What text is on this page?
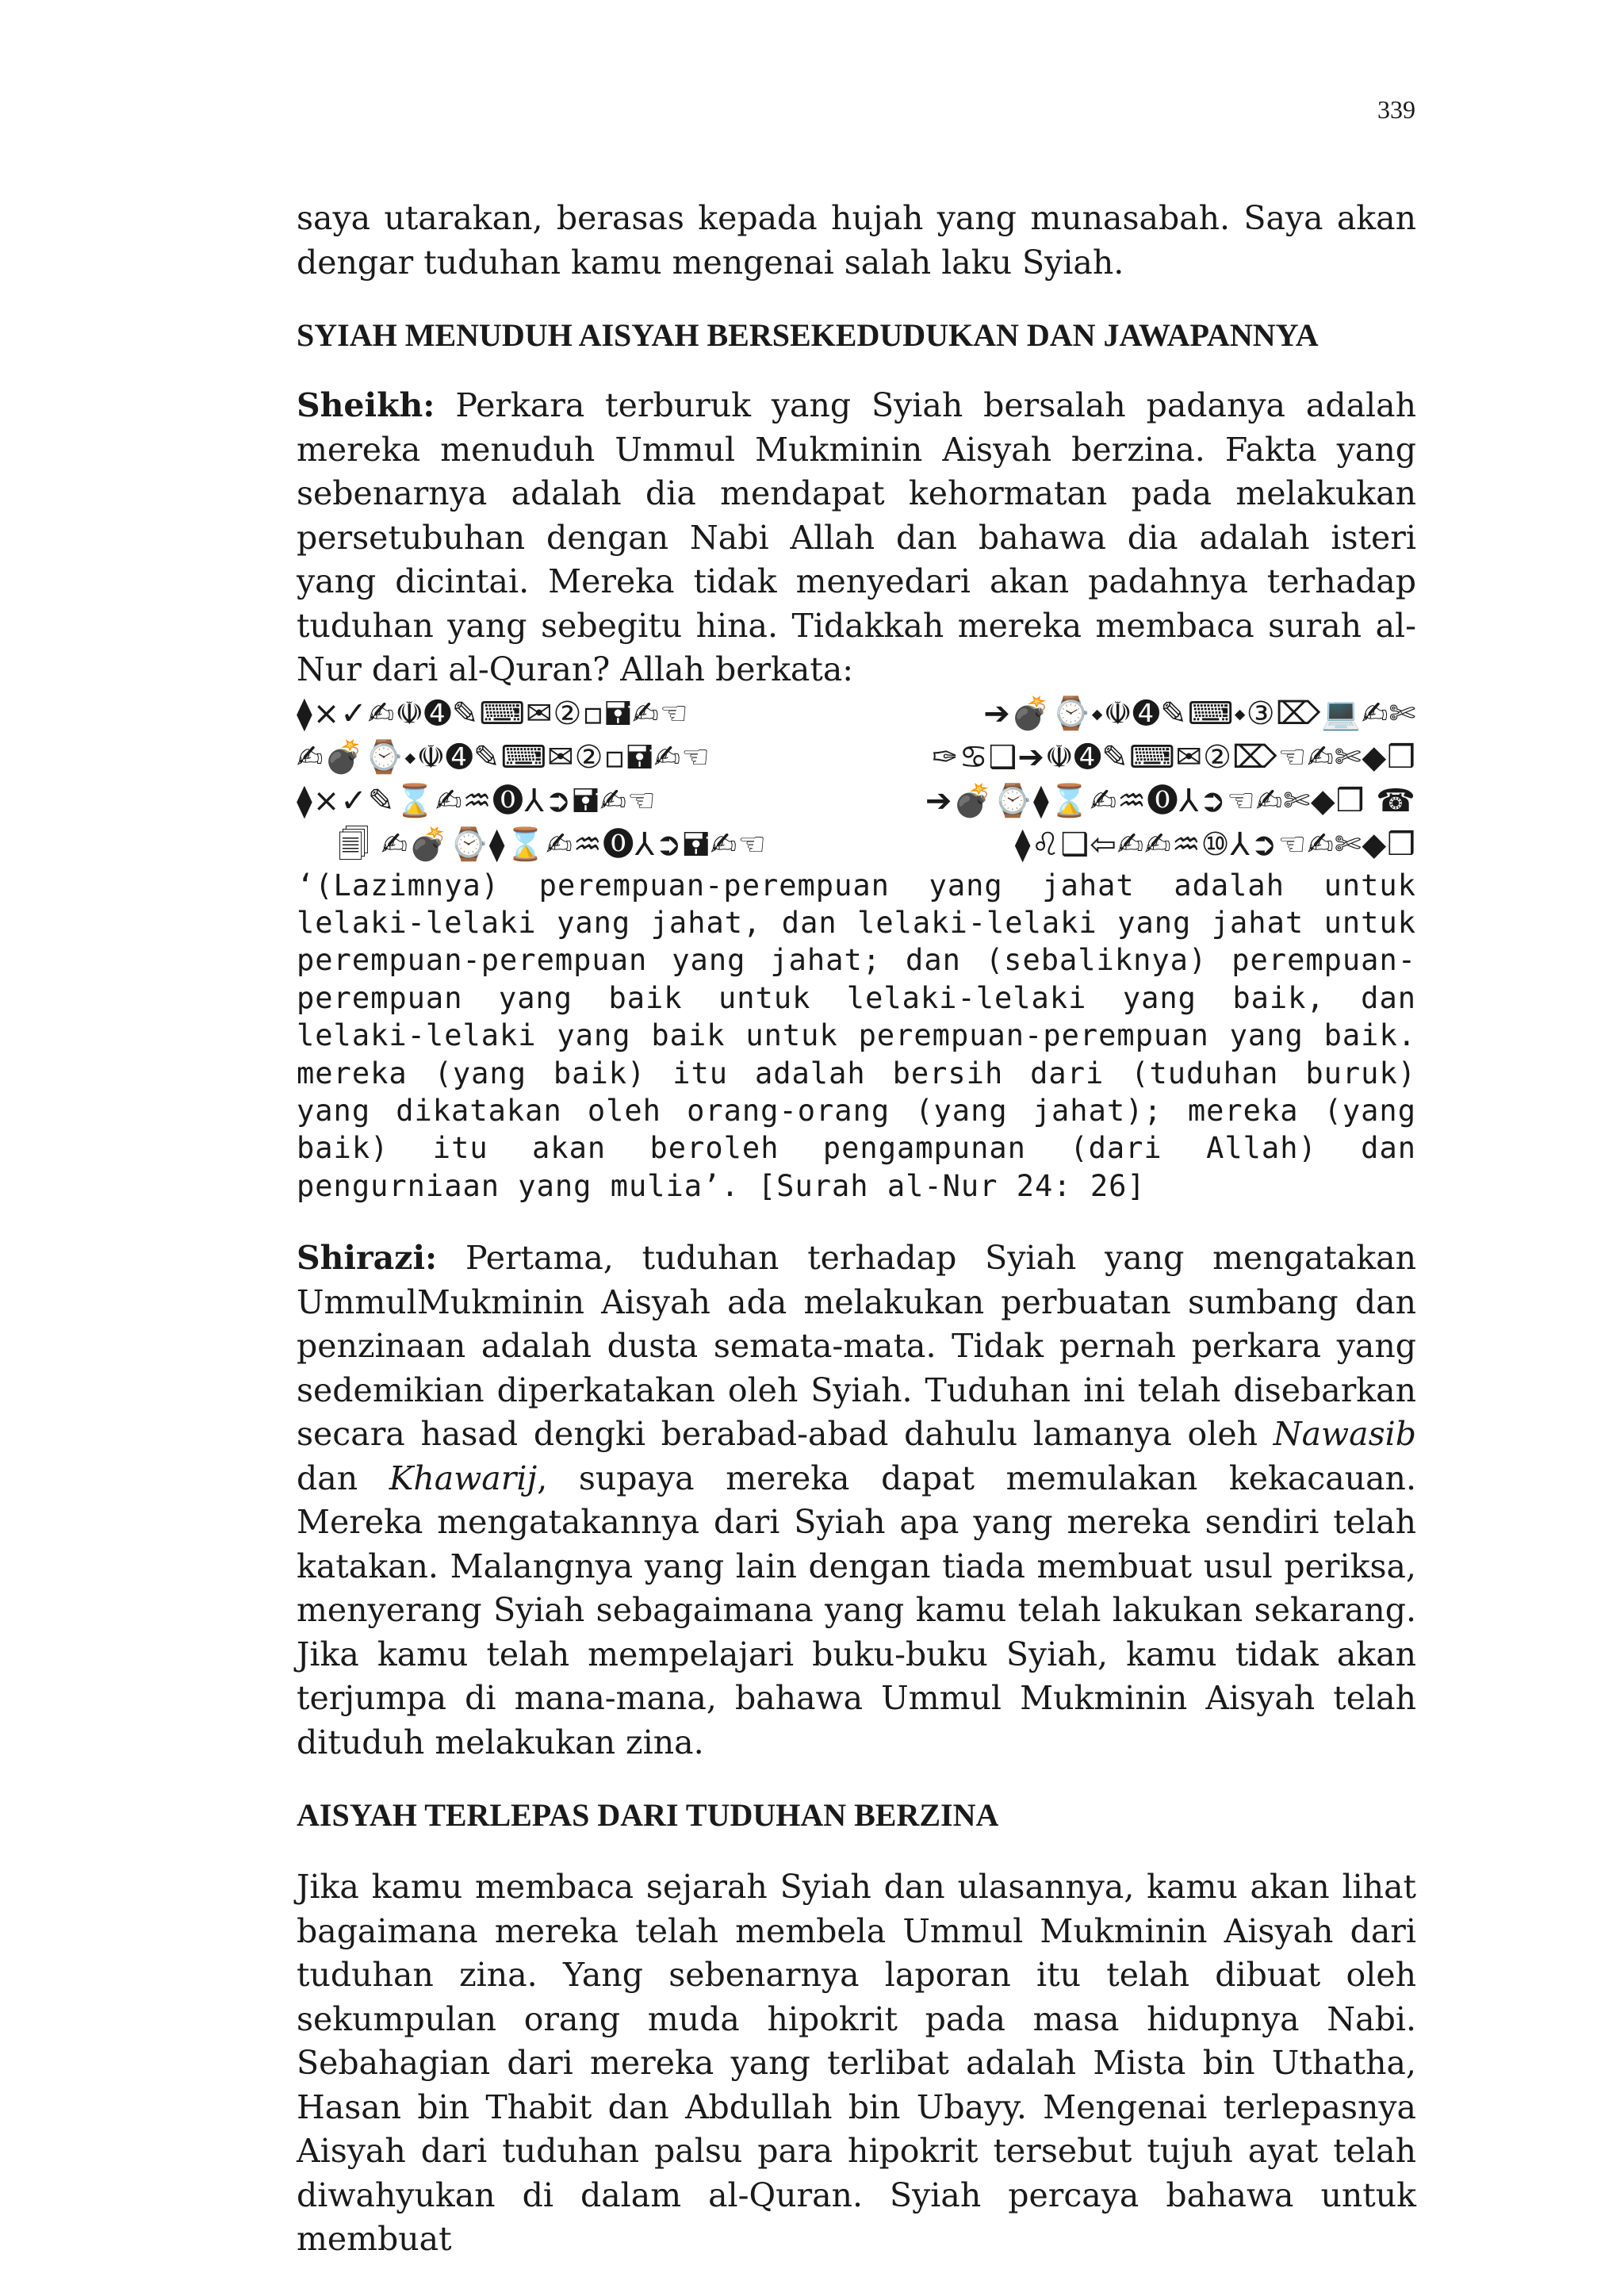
339

saya utarakan, berasas kepada hujah yang munasabah. Saya akan dengar tuduhan kamu mengenai salah laku Syiah.

SYIAH MENUDUH AISYAH BERSEKEDUDUKAN DAN JAWAPANNYA

Sheikh: Perkara terburuk yang Syiah bersalah padanya adalah mereka menuduh Ummul Mukminin Aisyah berzina. Fakta yang sebenarnya adalah dia mendapat kehormatan pada melakukan persetubuhan dengan Nabi Allah dan bahawa dia adalah isteri yang dicintai. Mereka tidak menyedari akan padahnya terhadap tuduhan yang sebegitu hina. Tidakkah mereka membaca surah al-Nur dari al-Quran? Allah berkata:

⧫×✓✍☫➍✎⌨✉②▫🖬✍☜	➔💣⌚⬩☫➍✎⌨⬩③⌦💻✍✄
✍💣⌚⬩☫➍✎⌨✉②▫🖬✍☜	✑♋❑➔☫➍✎⌨✉②⌦☜✍✄◆❒
⧫×✓✎⌛✍♒⓿⅄➲🖬✍☜	➔💣⌚⧫⌛✍♒⓿⅄➲☜✍✄◆❒ ☎
🗐 ✍💣⌚⧫⌛✍♒⓿⅄➲🖬✍☜	⧫♌❑⇦✍✍♒⑩⅄➲☜✍✄◆❒

‘(Lazimnya) perempuan-perempuan yang jahat adalah untuk lelaki-lelaki yang jahat, dan lelaki-lelaki yang jahat untuk perempuan-perempuan yang jahat; dan (sebaliknya) perempuan-perempuan yang baik untuk lelaki-lelaki yang baik, dan lelaki-lelaki yang baik untuk perempuan-perempuan yang baik. mereka (yang baik) itu adalah bersih dari (tuduhan buruk) yang dikatakan oleh orang-orang (yang jahat); mereka (yang baik) itu akan beroleh pengampunan (dari Allah) dan pengurniaan yang mulia’. [Surah al-Nur 24: 26]

Shirazi: Pertama, tuduhan terhadap Syiah yang mengatakan UmmulMukminin Aisyah ada melakukan perbuatan sumbang dan penzinaan adalah dusta semata-mata. Tidak pernah perkara yang sedemikian diperkatakan oleh Syiah. Tuduhan ini telah disebarkan secara hasad dengki berabad-abad dahulu lamanya oleh Nawasib dan Khawarij, supaya mereka dapat memulakan kekacauan. Mereka mengatakannya dari Syiah apa yang mereka sendiri telah katakan. Malangnya yang lain dengan tiada membuat usul periksa, menyerang Syiah sebagaimana yang kamu telah lakukan sekarang. Jika kamu telah mempelajari buku-buku Syiah, kamu tidak akan terjumpa di mana-mana, bahawa Ummul Mukminin Aisyah telah dituduh melakukan zina.

AISYAH TERLEPAS DARI TUDUHAN BERZINA

Jika kamu membaca sejarah Syiah dan ulasannya, kamu akan lihat bagaimana mereka telah membela Ummul Mukminin Aisyah dari tuduhan zina. Yang sebenarnya laporan itu telah dibuat oleh sekumpulan orang muda hipokrit pada masa hidupnya Nabi. Sebahagian dari mereka yang terlibat adalah Mista bin Uthatha, Hasan bin Thabit dan Abdullah bin Ubayy. Mengenai terlepasnya Aisyah dari tuduhan palsu para hipokrit tersebut tujuh ayat telah diwahyukan di dalam al-Quran. Syiah percaya bahawa untuk membuat
